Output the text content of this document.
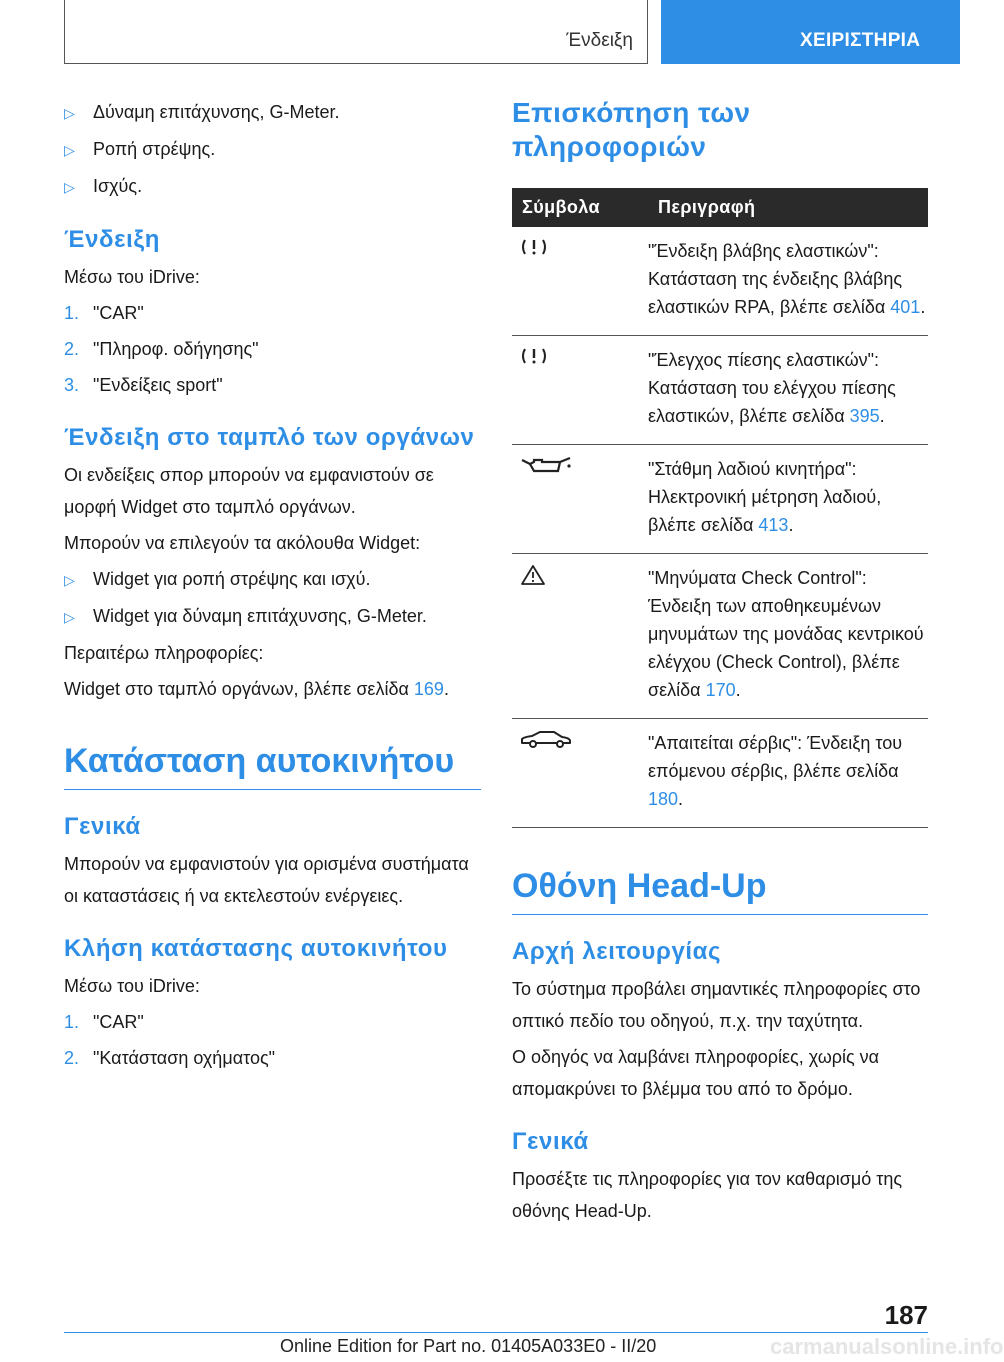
Ένδειξη	ΧΕΙΡΙΣΤΗΡΙΑ
▷	Δύναμη επιτάχυνσης, G-Meter.
▷	Ροπή στρέψης.
▷	Ισχύς.
Ένδειξη

Μέσω του iDrive:

1. "CAR"
2. "Πληροφ. οδήγησης"
3. "Ενδείξεις sport"
Ένδειξη στο ταμπλό των οργάνων

Οι ενδείξεις σπορ μπορούν να εμφανιστούν σε μορφή Widget στο ταμπλό οργάνων.

Μπορούν να επιλεγούν τα ακόλουθα Widget:

▷	Widget για ροπή στρέψης και ισχύ.
▷	Widget για δύναμη επιτάχυνσης, G-Meter.

Περαιτέρω πληροφορίες:

Widget στο ταμπλό οργάνων, βλέπε σελίδα 169.

Κατάσταση αυτοκινήτου
Γενικά

Μπορούν να εμφανιστούν για ορισμένα συστήματα οι καταστάσεις ή να εκτελεστούν ενέργειες.

Κλήση κατάστασης αυτοκινήτου

Μέσω του iDrive:

1. "CAR"
2. "Κατάσταση οχήματος"
Επισκόπηση των πληροφοριών
Σύμβολα	Περιγραφή
	"Ένδειξη βλάβης ελαστικών": Κατάσταση της ένδειξης βλάβης ελαστικών RPA, βλέπε σελίδα 401.
	"Έλεγχος πίεσης ελαστικών": Κατάσταση του ελέγχου πίεσης ελαστικών, βλέπε σελίδα 395.
	"Στάθμη λαδιού κινητήρα": Ηλεκτρονική μέτρηση λαδιού, βλέπε σελίδα 413.
	"Μηνύματα Check Control": Ένδειξη των αποθηκευμένων μηνυμάτων της μονάδας κεντρικού ελέγχου (Check Control), βλέπε σελίδα 170.
	"Απαιτείται σέρβις": Ένδειξη του επόμενου σέρβις, βλέπε σελίδα 180.
Οθόνη Head-Up
Αρχή λειτουργίας

Το σύστημα προβάλει σημαντικές πληροφορίες στο οπτικό πεδίο του οδηγού, π.χ. την ταχύτητα.

Ο οδηγός να λαμβάνει πληροφορίες, χωρίς να απομακρύνει το βλέμμα του από το δρόμο.

Γενικά

Προσέξτε τις πληροφορίες για τον καθαρισμό της οθόνης Head-Up.

187
carmanualsonline.info
Online Edition for Part no. 01405A033E0 - II/20
